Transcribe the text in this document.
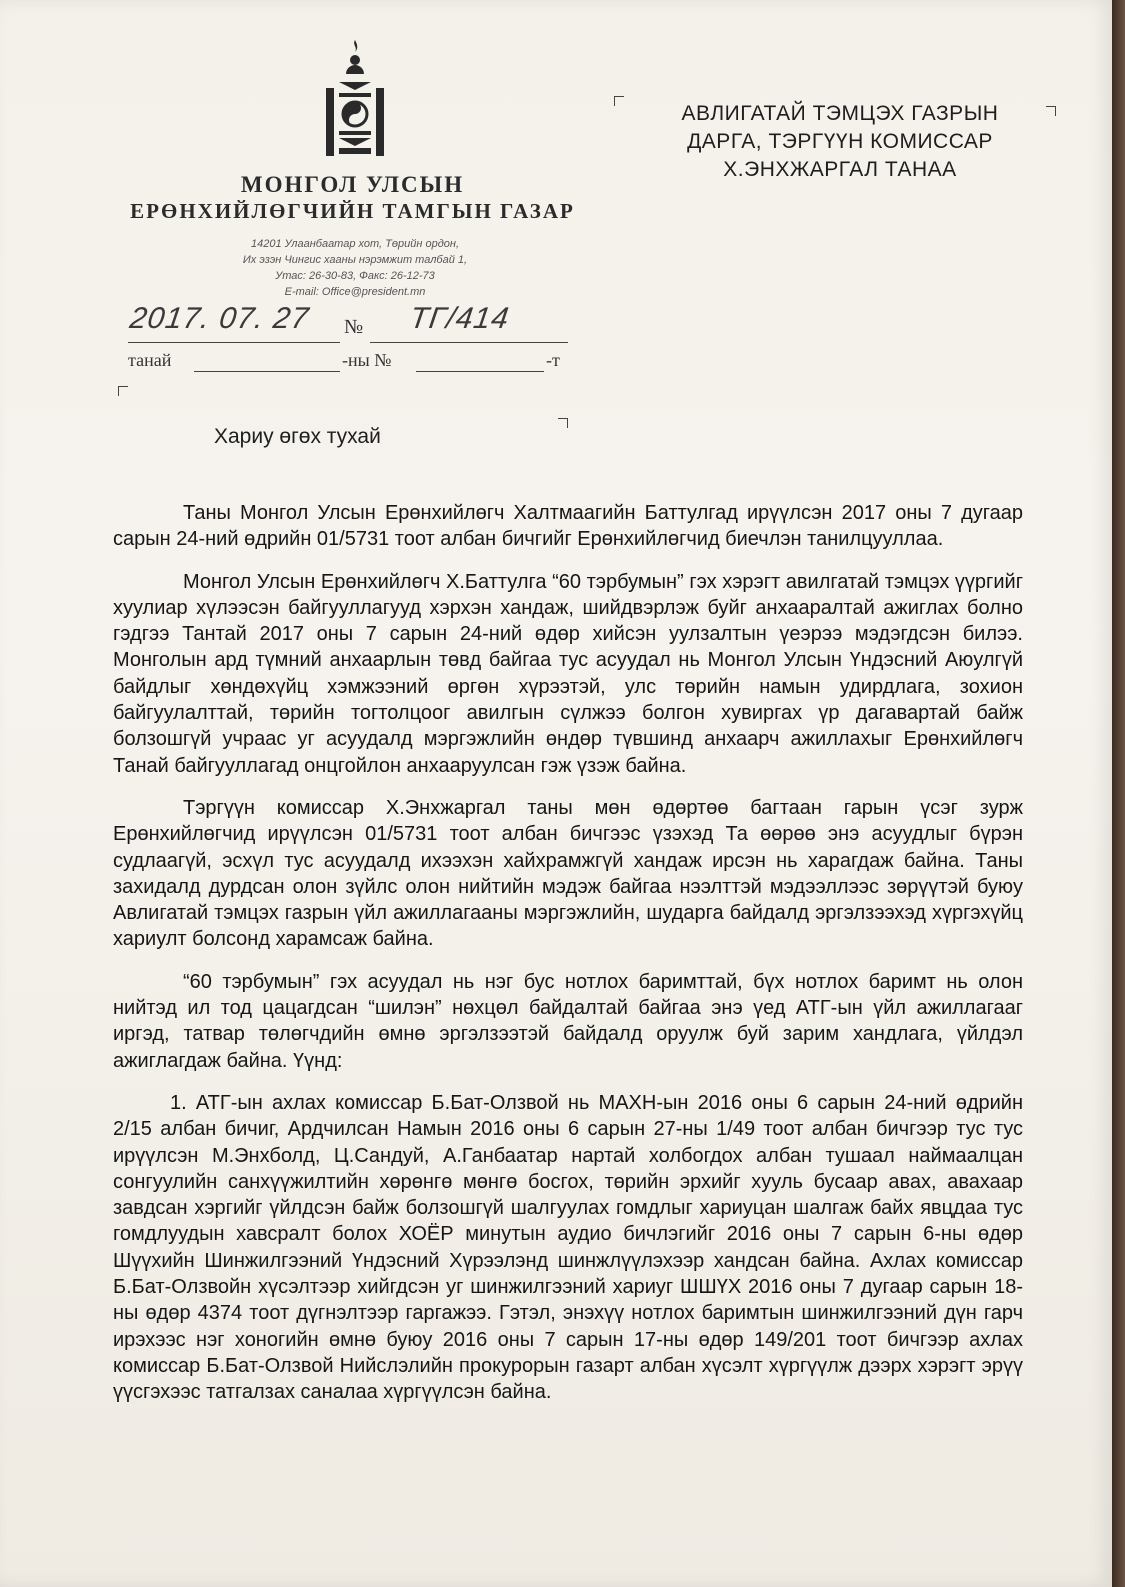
МОНГОЛ УЛСЫН
ЕРӨНХИЙЛӨГЧИЙН ТАМГЫН ГАЗАР
14201 Улаанбаатар хот, Төрийн ордон,
Их эзэн Чингис хааны нэрэмжит талбай 1,
Утас: 26-30-83, Факс: 26-12-73
E-mail: Office@president.mn
2017. 07. 27 № ТГ/414
танай	-ны №	-т
АВЛИГАТАЙ ТЭМЦЭХ ГАЗРЫН
ДАРГА, ТЭРГҮҮН КОМИССАР
Х.ЭНХЖАРГАЛ ТАНАА
Хариу өгөх тухай

Таны Монгол Улсын Ерөнхийлөгч Халтмаагийн Баттулгад ирүүлсэн 2017 оны 7 дугаар сарын 24-ний өдрийн 01/5731 тоот албан бичгийг Ерөнхийлөгчид биечлэн танилцууллаа.

Монгол Улсын Ерөнхийлөгч Х.Баттулга “60 тэрбумын” гэх хэрэгт авилгатай тэмцэх үүргийг хуулиар хүлээсэн байгууллагууд хэрхэн хандаж, шийдвэрлэж буйг анхааралтай ажиглах болно гэдгээ Тантай 2017 оны 7 сарын 24-ний өдөр хийсэн уулзалтын үеэрээ мэдэгдсэн билээ. Монголын ард түмний анхаарлын төвд байгаа тус асуудал нь Монгол Улсын Үндэсний Аюулгүй байдлыг хөндөхүйц хэмжээний өргөн хүрээтэй, улс төрийн намын удирдлага, зохион байгуулалттай, төрийн тогтолцоог авилгын сүлжээ болгон хувиргах үр дагавартай байж болзошгүй учраас уг асуудалд мэргэжлийн өндөр түвшинд анхаарч ажиллахыг Ерөнхийлөгч Танай байгууллагад онцгойлон анхааруулсан гэж үзэж байна.

Тэргүүн комиссар Х.Энхжаргал таны мөн өдөртөө багтаан гарын үсэг зурж Ерөнхийлөгчид ирүүлсэн 01/5731 тоот албан бичгээс үзэхэд Та өөрөө энэ асуудлыг бүрэн судлаагүй, эсхүл тус асуудалд ихээхэн хайхрамжгүй хандаж ирсэн нь харагдаж байна. Таны захидалд дурдсан олон зүйлс олон нийтийн мэдэж байгаа нээлттэй мэдээллээс зөрүүтэй буюу Авлигатай тэмцэх газрын үйл ажиллагааны мэргэжлийн, шударга байдалд эргэлзээхэд хүргэхүйц хариулт болсонд харамсаж байна.

“60 тэрбумын” гэх асуудал нь нэг бус нотлох баримттай, бүх нотлох баримт нь олон нийтэд ил тод цацагдсан “шилэн” нөхцөл байдалтай байгаа энэ үед АТГ-ын үйл ажиллагааг иргэд, татвар төлөгчдийн өмнө эргэлзээтэй байдалд оруулж буй зарим хандлага, үйлдэл ажиглагдаж байна. Үүнд:

1. АТГ-ын ахлах комиссар Б.Бат-Олзвой нь МАХН-ын 2016 оны 6 сарын 24-ний өдрийн 2/15 албан бичиг, Ардчилсан Намын 2016 оны 6 сарын 27-ны 1/49 тоот албан бичгээр тус тус ирүүлсэн М.Энхболд, Ц.Сандуй, А.Ганбаатар нартай холбогдох албан тушаал наймаалцан сонгуулийн санхүүжилтийн хөрөнгө мөнгө босгох, төрийн эрхийг хууль бусаар авах, авахаар завдсан хэргийг үйлдсэн байж болзошгүй шалгуулах гомдлыг хариуцан шалгаж байх явцдаа тус гомдлуудын хавсралт болох ХОЁР минутын аудио бичлэгийг 2016 оны 7 сарын 6-ны өдөр Шүүхийн Шинжилгээний Үндэсний Хүрээлэнд шинжлүүлэхээр хандсан байна. Ахлах комиссар Б.Бат-Олзвойн хүсэлтээр хийгдсэн уг шинжилгээний хариуг ШШҮХ 2016 оны 7 дугаар сарын 18-ны өдөр 4374 тоот дүгнэлтээр гаргажээ. Гэтэл, энэхүү нотлох баримтын шинжилгээний дүн гарч ирэхээс нэг хоногийн өмнө буюу 2016 оны 7 сарын 17-ны өдөр 149/201 тоот бичгээр ахлах комиссар Б.Бат-Олзвой Нийслэлийн прокурорын газарт албан хүсэлт хүргүүлж дээрх хэрэгт эрүү үүсгэхээс татгалзах саналаа хүргүүлсэн байна.
